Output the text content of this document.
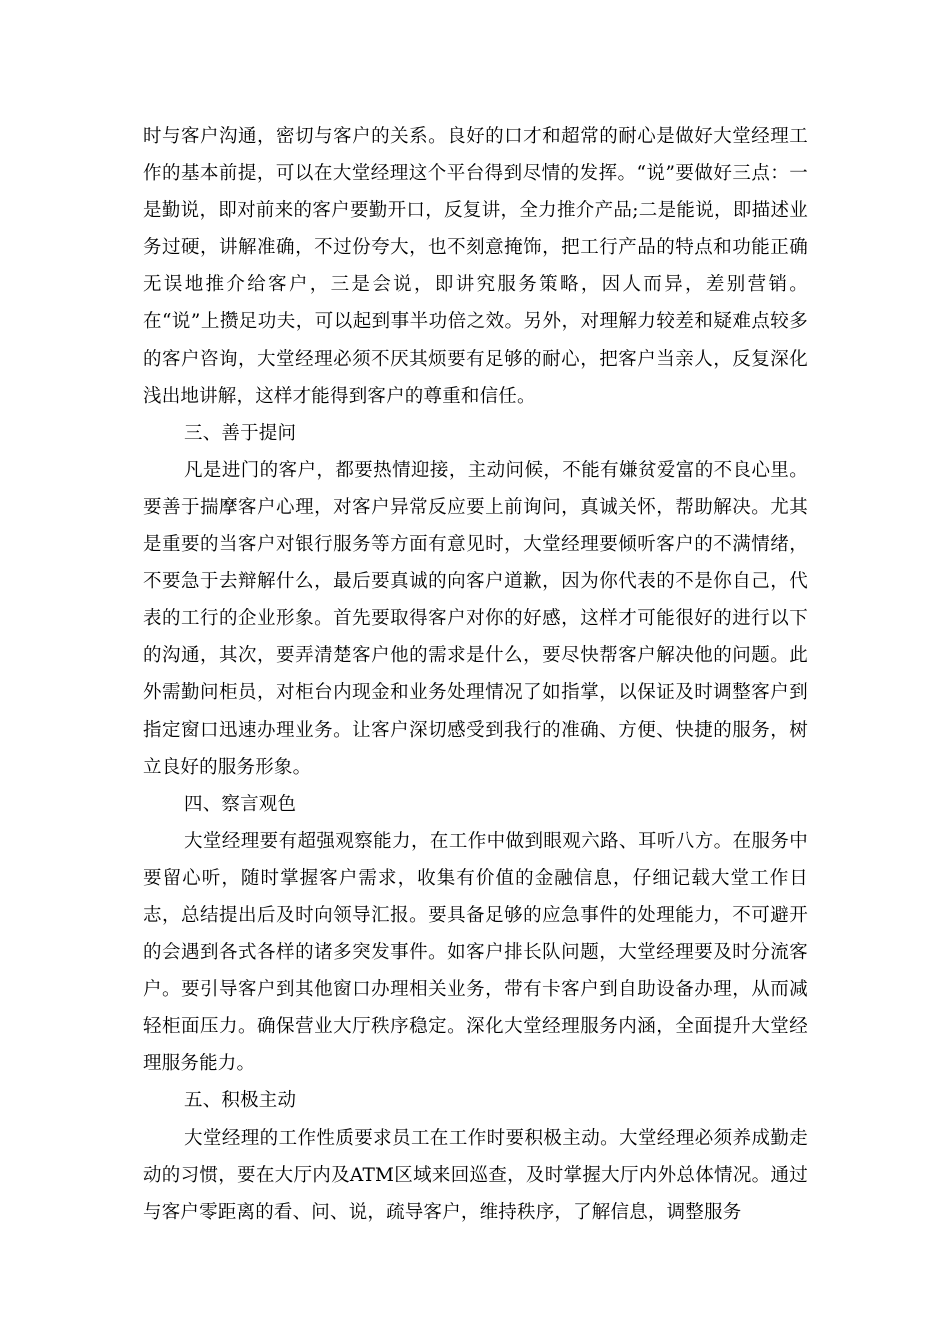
时与客户沟通，密切与客户的关系。良好的口才和超常的耐心是做好大堂经理工作的基本前提，可以在大堂经理这个平台得到尽情的发挥。“说”要做好三点：一是勤说，即对前来的客户要勤开口，反复讲，全力推介产品;二是能说，即描述业务过硬，讲解准确，不过份夸大，也不刻意掩饰，把工行产品的特点和功能正确无误地推介给客户，三是会说，即讲究服务策略，因人而异，差别营销。在“说”上攒足功夫，可以起到事半功倍之效。另外，对理解力较差和疑难点较多的客户咨询，大堂经理必须不厌其烦要有足够的耐心，把客户当亲人，反复深化浅出地讲解，这样才能得到客户的尊重和信任。

三、善于提问

凡是进门的客户，都要热情迎接，主动问候，不能有嫌贫爱富的不良心里。要善于揣摩客户心理，对客户异常反应要上前询问，真诚关怀，帮助解决。尤其是重要的当客户对银行服务等方面有意见时，大堂经理要倾听客户的不满情绪，不要急于去辩解什么，最后要真诚的向客户道歉，因为你代表的不是你自己，代表的工行的企业形象。首先要取得客户对你的好感，这样才可能很好的进行以下的沟通，其次，要弄清楚客户他的需求是什么，要尽快帮客户解决他的问题。此外需勤问柜员，对柜台内现金和业务处理情况了如指掌，以保证及时调整客户到指定窗口迅速办理业务。让客户深切感受到我行的准确、方便、快捷的服务，树立良好的服务形象。

四、察言观色

大堂经理要有超强观察能力，在工作中做到眼观六路、耳听八方。在服务中要留心听，随时掌握客户需求，收集有价值的金融信息，仔细记载大堂工作日志，总结提出后及时向领导汇报。要具备足够的应急事件的处理能力，不可避开的会遇到各式各样的诸多突发事件。如客户排长队问题，大堂经理要及时分流客户。要引导客户到其他窗口办理相关业务，带有卡客户到自助设备办理，从而减轻柜面压力。确保营业大厅秩序稳定。深化大堂经理服务内涵，全面提升大堂经理服务能力。

五、积极主动

大堂经理的工作性质要求员工在工作时要积极主动。大堂经理必须养成勤走动的习惯，要在大厅内及ATM区域来回巡查，及时掌握大厅内外总体情况。通过与客户零距离的看、问、说，疏导客户，维持秩序，了解信息，调整服务
